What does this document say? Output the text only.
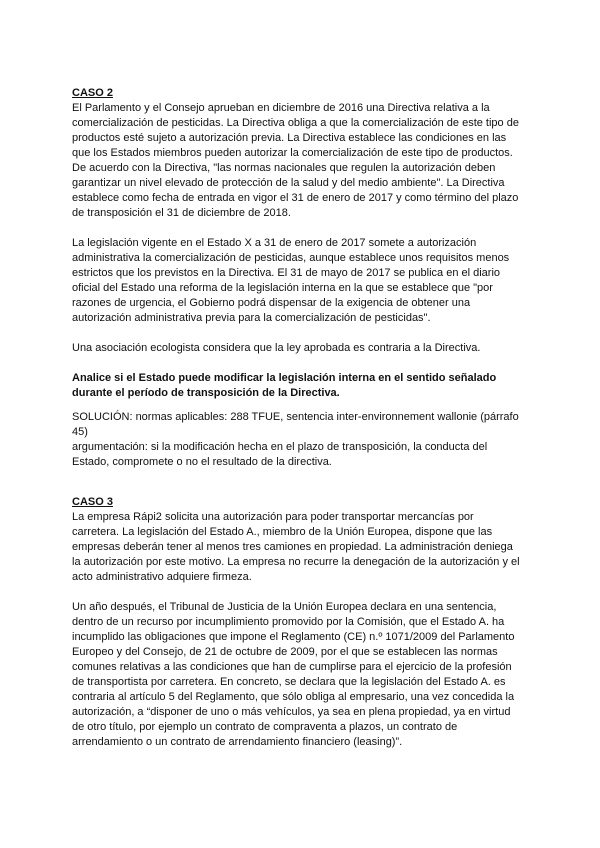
CASO 2
El Parlamento y el Consejo aprueban en diciembre de 2016 una Directiva relativa a la
comercialización de pesticidas. La Directiva obliga a que la comercialización de este tipo de
productos esté sujeto a autorización previa. La Directiva establece las condiciones en las
que los Estados miembros pueden autorizar la comercialización de este tipo de productos.
De acuerdo con la Directiva, "las normas nacionales que regulen la autorización deben
garantizar un nivel elevado de protección de la salud y del medio ambiente". La Directiva
establece como fecha de entrada en vigor el 31 de enero de 2017 y como término del plazo
de transposición el 31 de diciembre de 2018.
La legislación vigente en el Estado X a 31 de enero de 2017 somete a autorización
administrativa la comercialización de pesticidas, aunque establece unos requisitos menos
estrictos que los previstos en la Directiva. El 31 de mayo de 2017 se publica en el diario
oficial del Estado una reforma de la legislación interna en la que se establece que "por
razones de urgencia, el Gobierno podrá dispensar de la exigencia de obtener una
autorización administrativa previa para la comercialización de pesticidas".
Una asociación ecologista considera que la ley aprobada es contraria a la Directiva.
Analice si el Estado puede modificar la legislación interna en el sentido señalado
durante el período de transposición de la Directiva.
SOLUCIÓN: normas aplicables: 288 TFUE, sentencia inter-environnement wallonie (párrafo
45)
argumentación: si la modificación hecha en el plazo de transposición, la conducta del
Estado, compromete o no el resultado de la directiva.
CASO 3
La empresa Rápi2 solicita una autorización para poder transportar mercancías por
carretera. La legislación del Estado A., miembro de la Unión Europea, dispone que las
empresas deberán tener al menos tres camiones en propiedad. La administración deniega
la autorización por este motivo. La empresa no recurre la denegación de la autorización y el
acto administrativo adquiere firmeza.
Un año después, el Tribunal de Justicia de la Unión Europea declara en una sentencia,
dentro de un recurso por incumplimiento promovido por la Comisión, que el Estado A. ha
incumplido las obligaciones que impone el Reglamento (CE) n.º 1071/2009 del Parlamento
Europeo y del Consejo, de 21 de octubre de 2009, por el que se establecen las normas
comunes relativas a las condiciones que han de cumplirse para el ejercicio de la profesión
de transportista por carretera. En concreto, se declara que la legislación del Estado A. es
contraria al artículo 5 del Reglamento, que sólo obliga al empresario, una vez concedida la
autorización, a “disponer de uno o más vehículos, ya sea en plena propiedad, ya en virtud
de otro título, por ejemplo un contrato de compraventa a plazos, un contrato de
arrendamiento o un contrato de arrendamiento financiero (leasing)”.
